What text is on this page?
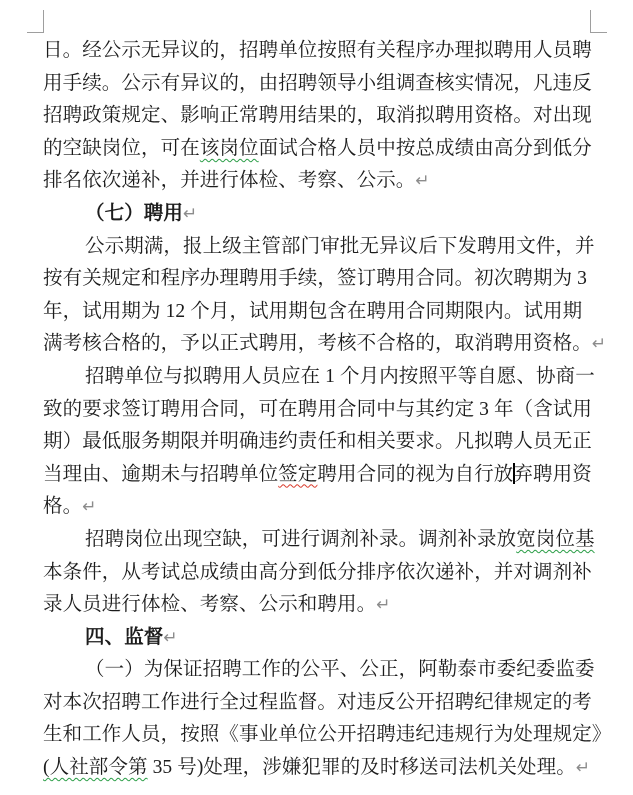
日。经公示无异议的，招聘单位按照有关程序办理拟聘用人员聘
用手续。公示有异议的，由招聘领导小组调查核实情况，凡违反
招聘政策规定、影响正常聘用结果的，取消拟聘用资格。对出现
的空缺岗位，可在该岗位面试合格人员中按总成绩由高分到低分
排名依次递补，并进行体检、考察、公示。↵
（七）聘用↵
公示期满，报上级主管部门审批无异议后下发聘用文件，并
按有关规定和程序办理聘用手续，签订聘用合同。初次聘期为 3
年，试用期为 12 个月，试用期包含在聘用合同期限内。试用期
满考核合格的，予以正式聘用，考核不合格的，取消聘用资格。↵
招聘单位与拟聘用人员应在 1 个月内按照平等自愿、协商一
致的要求签订聘用合同，可在聘用合同中与其约定 3 年（含试用
期）最低服务期限并明确违约责任和相关要求。凡拟聘人员无正
当理由、逾期未与招聘单位签定聘用合同的视为自行放弃聘用资
格。↵
招聘岗位出现空缺，可进行调剂补录。调剂补录放宽岗位基
本条件，从考试总成绩由高分到低分排序依次递补，并对调剂补
录人员进行体检、考察、公示和聘用。↵
四、监督↵
（一）为保证招聘工作的公平、公正，阿勒泰市委纪委监委
对本次招聘工作进行全过程监督。对违反公开招聘纪律规定的考
生和工作人员，按照《事业单位公开招聘违纪违规行为处理规定》
(人社部令第 35 号)处理，涉嫌犯罪的及时移送司法机关处理。↵
